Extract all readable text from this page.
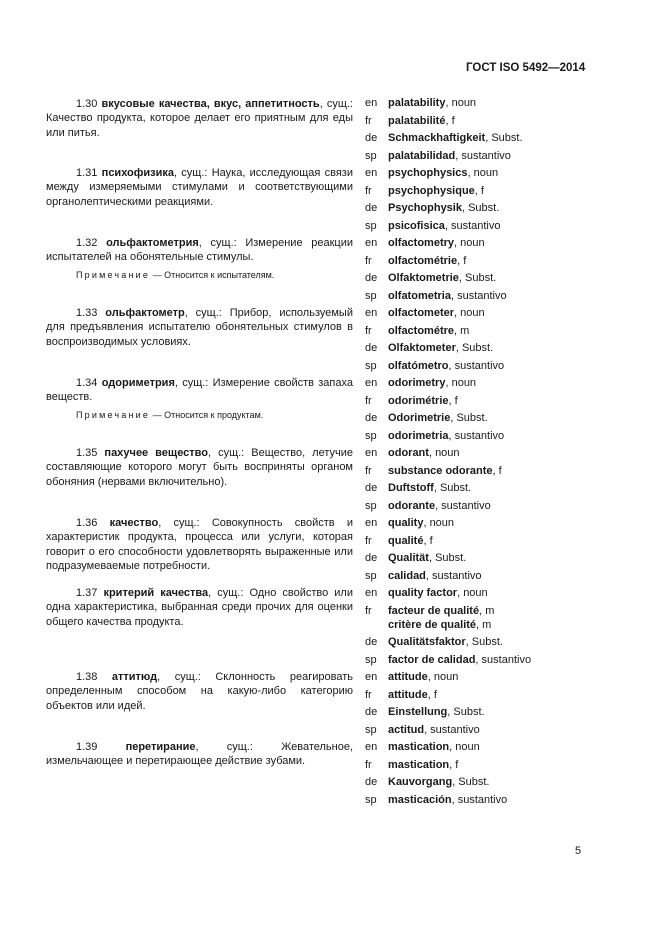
ГОСТ ISO 5492—2014
1.30 вкусовые качества, вкус, аппетитность, сущ.: Качество продукта, которое делает его приятным для еды или питья.
1.31 психофизика, сущ.: Наука, исследующая связи между измеряемыми стимулами и соответствующими органолептическими реакциями.
1.32 ольфактометрия, сущ.: Измерение реакции испытателей на обонятельные стимулы.
Примечание — Относится к испытателям.
1.33 ольфактометр, сущ.: Прибор, используемый для предъявления испытателю обонятельных стимулов в воспроизводимых условиях.
1.34 одориметрия, сущ.: Измерение свойств запаха веществ.
Примечание — Относится к продуктам.
1.35 пахучее вещество, сущ.: Вещество, летучие составляющие которого могут быть восприняты органом обоняния (нервами включительно).
1.36 качество, сущ.: Совокупность свойств и характеристик продукта, процесса или услуги, которая говорит о его способности удовлетворять выраженные или подразумеваемые потребности.
1.37 критерий качества, сущ.: Одно свойство или одна характеристика, выбранная среди прочих для оценки общего качества продукта.
1.38 аттитюд, сущ.: Склонность реагировать определенным способом на какую-либо категорию объектов или идей.
1.39	перетирание, сущ.: Жевательное, измельчающее и перетирающее действие зубами.
en palatability, noun
fr palatabilité, f
de Schmackhaftigkeit, Subst.
sp palatabilidad, sustantivo
en psychophysics, noun
fr psychophysique, f
de Psychophysik, Subst.
sp psicofisica, sustantivo
en olfactometry, noun
fr olfactométrie, f
de Olfaktometrie, Subst.
sp olfatometria, sustantivo
en olfactometer, noun
fr olfactométre, m
de Olfaktometer, Subst.
sp olfatómetro, sustantivo
en odorimetry, noun
fr odorimétrie, f
de Odorimetrie, Subst.
sp odorimetria, sustantivo
en odorant, noun
fr substance odorante, f
de Duftstoff, Subst.
sp odorante, sustantivo
en quality, noun
fr qualité, f
de Qualität, Subst.
sp calidad, sustantivo
en quality factor, noun
fr facteur de qualité, m
critère de qualité, m
de Qualitätsfaktor, Subst.
sp factor de calidad, sustantivo
en attitude, noun
fr attitude, f
de Einstellung, Subst.
sp actitud, sustantivo
en mastication, noun
fr mastication, f
de Kauvorgang, Subst.
sp masticación, sustantivo
5
